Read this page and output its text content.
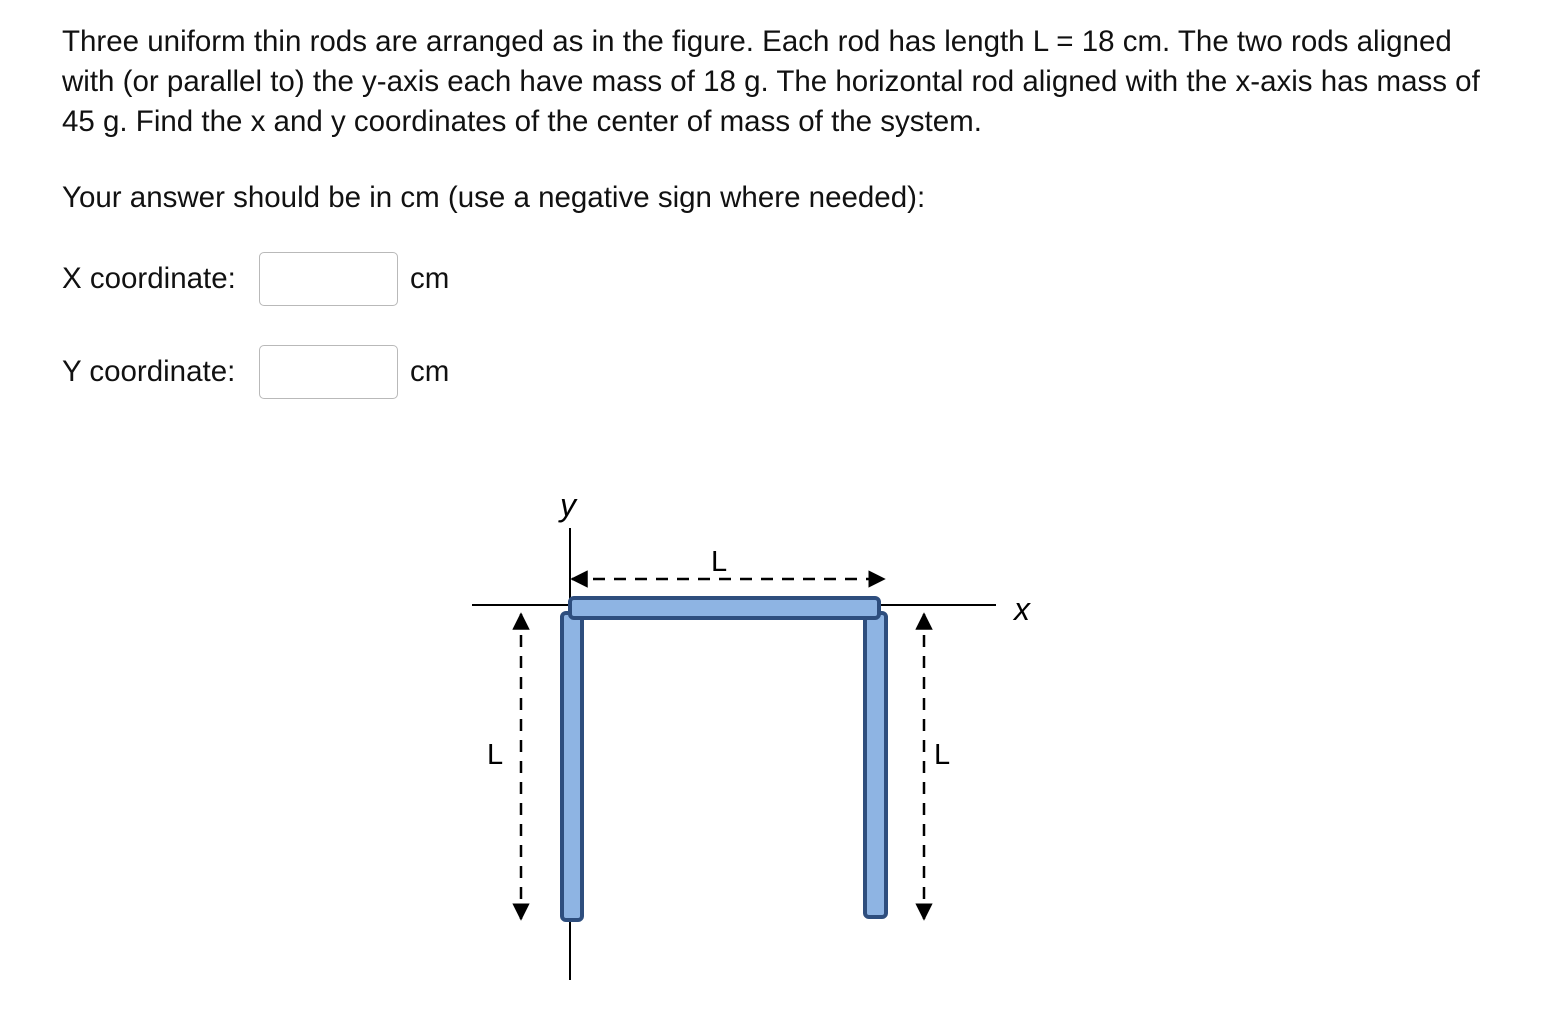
Three uniform thin rods are arranged as in the figure. Each rod has length L = 18 cm. The two rods aligned with (or parallel to) the y-axis each have mass of 18 g. The horizontal rod aligned with the x-axis has mass of 45 g. Find the x and y coordinates of the center of mass of the system.

Your answer should be in cm (use a negative sign where needed):

X coordinate:	cm
Y coordinate:	cm
y
x
L
L	L
